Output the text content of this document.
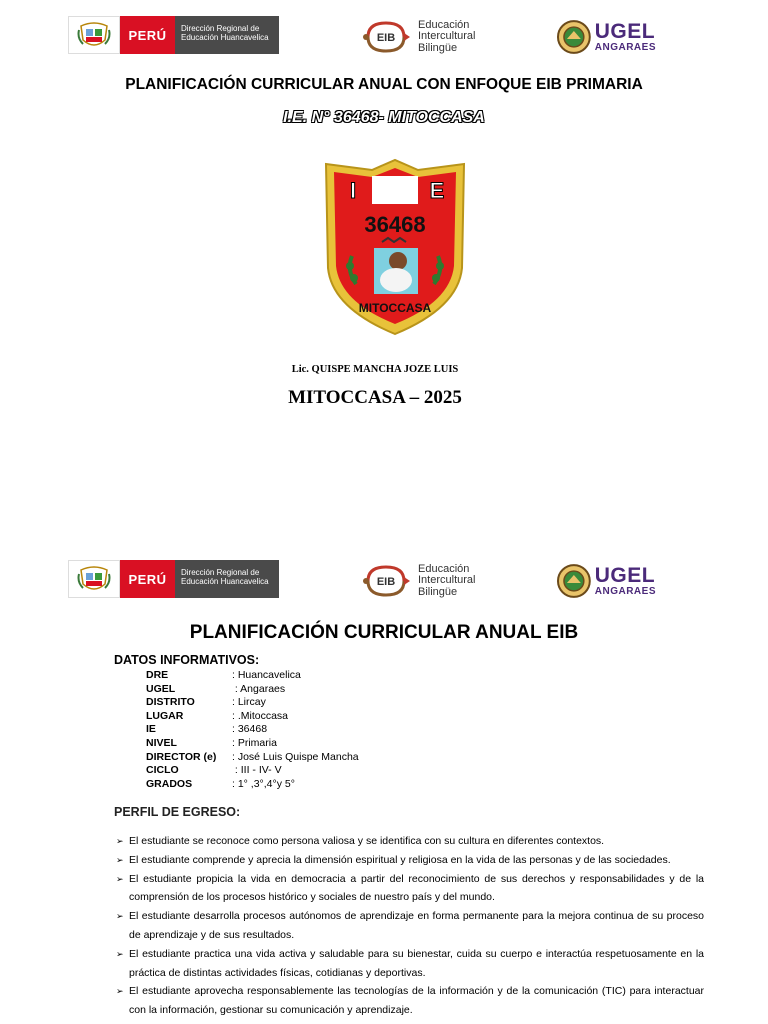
PERÚ	Dirección Regional de
Educación Huancavelica	EIB
Educación
Intercultural
Bilingüe
UGEL
ANGARAES
PLANIFICACIÓN CURRICULAR ANUAL CON ENFOQUE EIB PRIMARIA
I.E. N° 36468- MITOCCASA
I	E
36468
MITOCCASA
Lic. QUISPE MANCHA JOZE LUIS
MITOCCASA – 2025
PERÚ	Dirección Regional de
Educación Huancavelica	EIB
Educación
Intercultural
Bilingüe
UGEL
ANGARAES
PLANIFICACIÓN CURRICULAR ANUAL EIB
DATOS INFORMATIVOS:
DRE	: Huancavelica
UGEL	: Angaraes
DISTRITO	: Lircay
LUGAR	: .Mitoccasa
IE	: 36468
NIVEL	: Primaria
DIRECTOR (e)	: José Luis Quispe Mancha
CICLO	: III - IV- V
GRADOS	: 1° ,3°,4°y 5°
PERFIL DE EGRESO:
➢ El estudiante se reconoce como persona valiosa y se identifica con su cultura en diferentes contextos.
➢ El estudiante comprende y aprecia la dimensión espiritual y religiosa en la vida de las personas y de las sociedades.
➢ El estudiante propicia la vida en democracia a partir del reconocimiento de sus derechos y responsabilidades y de la comprensión de los procesos histórico y sociales de nuestro país y del mundo.
➢ El estudiante desarrolla procesos autónomos de aprendizaje en forma permanente para la mejora continua de su proceso de aprendizaje y de sus resultados.
➢ El estudiante practica una vida activa y saludable para su bienestar, cuida su cuerpo e interactúa respetuosamente en la práctica de distintas actividades físicas, cotidianas y deportivas.
➢ El estudiante aprovecha responsablemente las tecnologías de la información y de la comunicación (TIC) para interactuar con la información, gestionar su comunicación y aprendizaje.
